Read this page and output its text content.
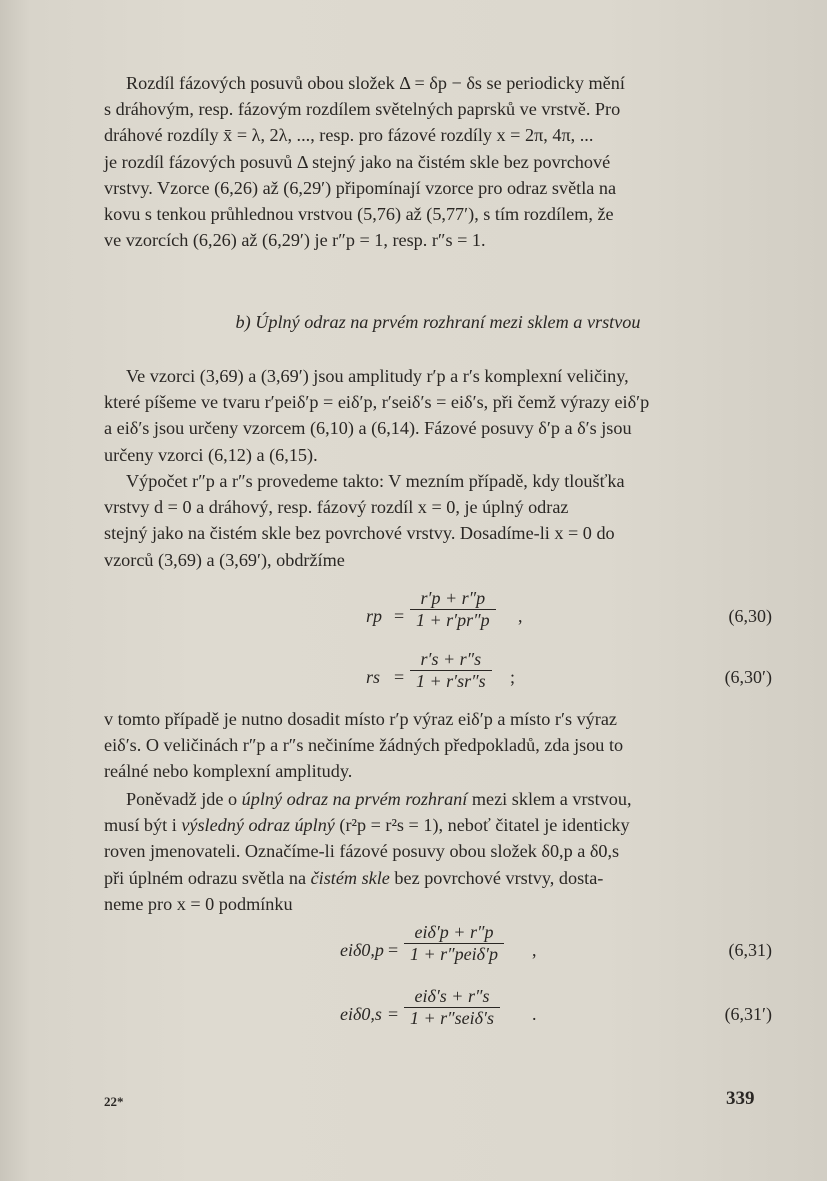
Rozdíl fázových posuvů obou složek Δ = δp − δs se periodicky mění

s dráhovým, resp. fázovým rozdílem světelných paprsků ve vrstvě. Pro

dráhové rozdíly x̄ = λ, 2λ, ..., resp. pro fázové rozdíly x = 2π, 4π, ...

je rozdíl fázových posuvů Δ stejný jako na čistém skle bez povrchové

vrstvy. Vzorce (6,26) až (6,29′) připomínají vzorce pro odraz světla na

kovu s tenkou průhlednou vrstvou (5,76) až (5,77′), s tím rozdílem, že

ve vzorcích (6,26) až (6,29′) je r″p = 1, resp. r″s = 1.

b) Úplný odraz na prvém rozhraní mezi sklem a vrstvou

Ve vzorci (3,69) a (3,69′) jsou amplitudy r′p a r′s komplexní veličiny,

které píšeme ve tvaru r′peiδ′p = eiδ′p, r′seiδ′s = eiδ′s, při čemž výrazy eiδ′p

a eiδ′s jsou určeny vzorcem (6,10) a (6,14). Fázové posuvy δ′p a δ′s jsou

určeny vzorci (6,12) a (6,15).

Výpočet r″p a r″s provedeme takto: V mezním případě, kdy tloušťka

vrstvy d = 0 a dráhový, resp. fázový rozdíl x = 0, je úplný odraz

stejný jako na čistém skle bez povrchové vrstvy. Dosadíme-li x = 0 do

vzorců (3,69) a (3,69′), obdržíme

rp = $\frac{r'p + r''p}{1 + r'pr''p}$ ,	(6,30)
rs = $\frac{r's + r''s}{1 + r'sr''s}$ ;	(6,30′)

v tomto případě je nutno dosadit místo r′p výraz eiδ′p a místo r′s výraz

eiδ′s. O veličinách r″p a r″s nečiníme žádných předpokladů, zda jsou to

reálné nebo komplexní amplitudy.

Poněvadž jde o úplný odraz na prvém rozhraní mezi sklem a vrstvou,

musí být i výsledný odraz úplný (r²p = r²s = 1), neboť čitatel je identicky

roven jmenovateli. Označíme-li fázové posuvy obou složek δ0,p a δ0,s

při úplném odrazu světla na čistém skle bez povrchové vrstvy, dosta-

neme pro x = 0 podmínku

eiδ0,p =
eiδ′p + r″p
1 + r″peiδ′p	,	(6,31)
eiδ0,s =
eiδ′s + r″s
1 + r″seiδ′s	.	(6,31′)
22*	339
